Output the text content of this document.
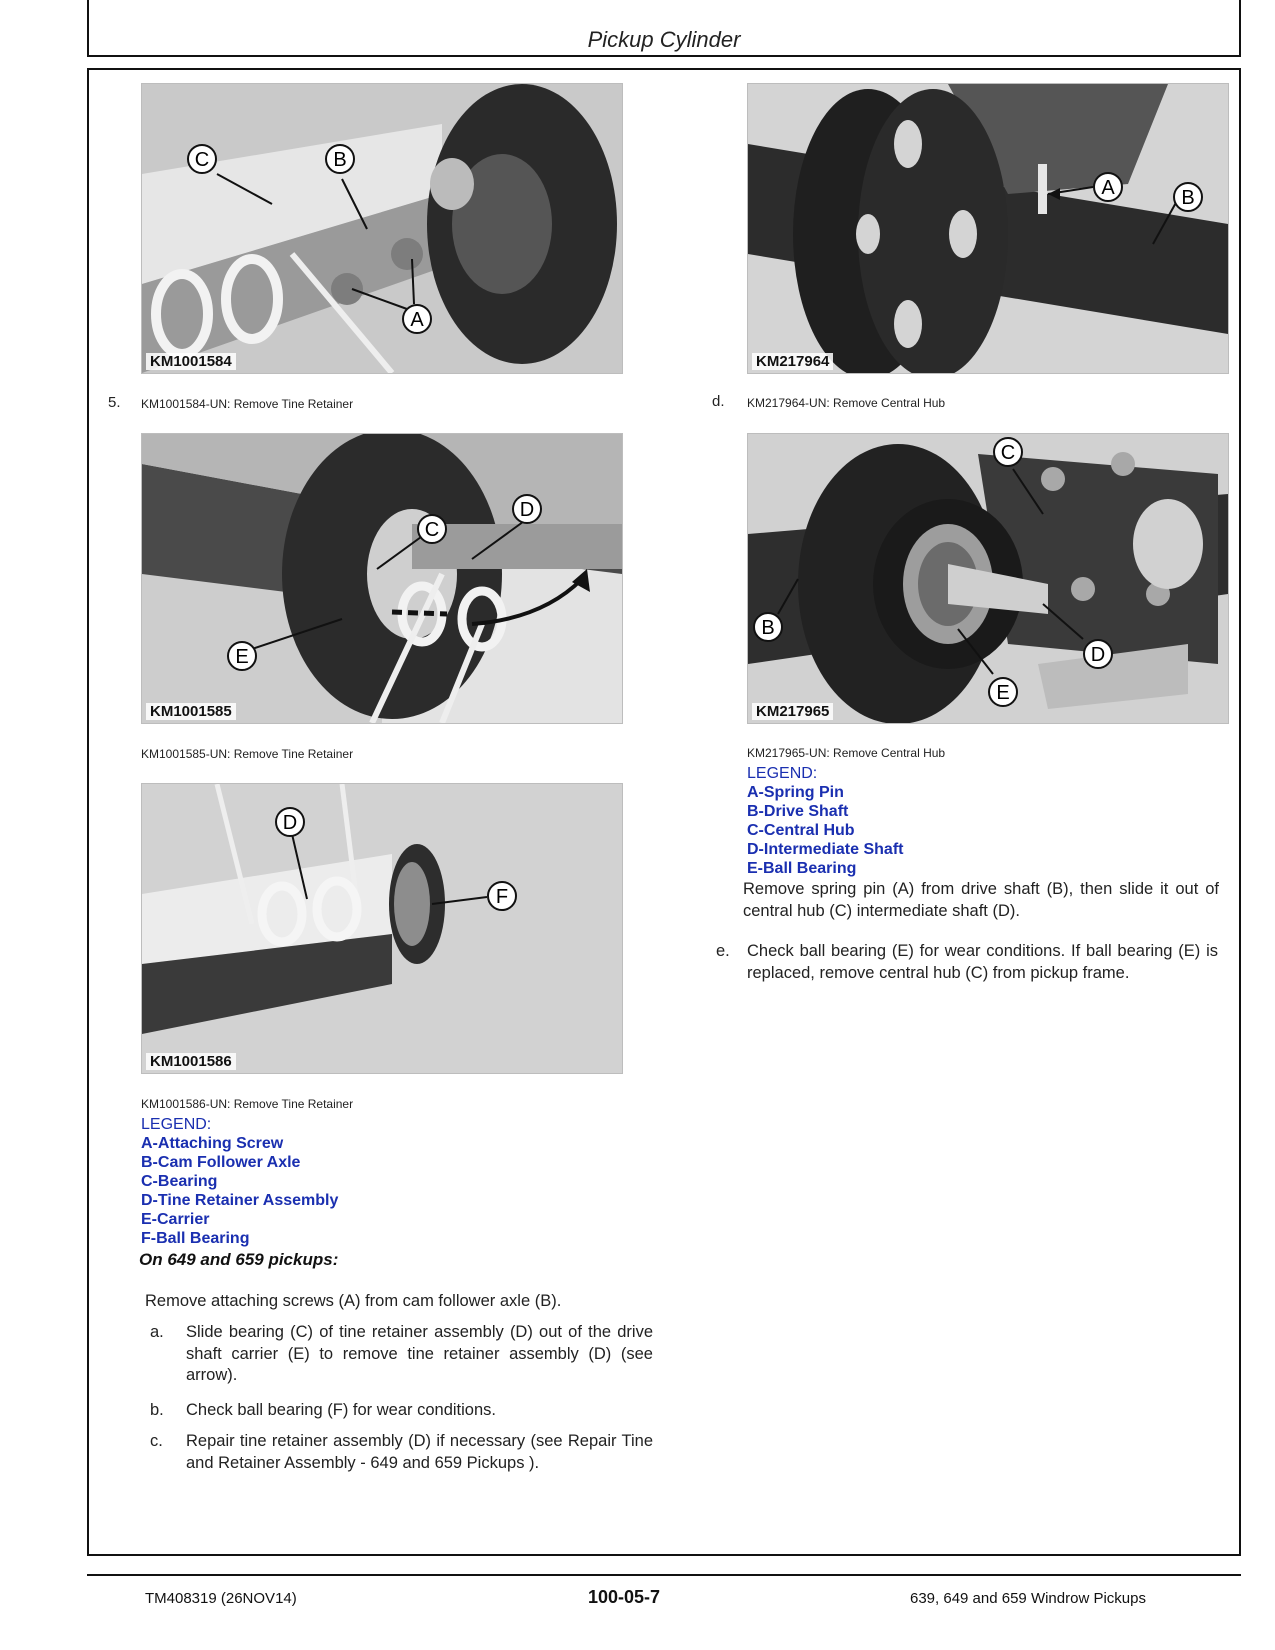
Pickup Cylinder
C	B
A
KM1001584
5. KM1001584-UN: Remove Tine Retainer
C
D
E
KM1001585
KM1001585-UN: Remove Tine Retainer
D
F
KM1001586
KM1001586-UN: Remove Tine Retainer
LEGEND:
A-Attaching Screw
B-Cam Follower Axle
C-Bearing
D-Tine Retainer Assembly
E-Carrier
F-Ball Bearing
On 649 and 659 pickups:
Remove attaching screws (A) from cam follower axle (B).
a. Slide bearing (C) of tine retainer assembly (D) out of the drive shaft carrier (E) to remove tine retainer assembly (D) (see arrow).
b. Check ball bearing (F) for wear conditions.
c. Repair tine retainer assembly (D) if necessary (see Repair Tine and Retainer Assembly - 649 and 659 Pickups ).
A	B
KM217964
d. KM217964-UN: Remove Central Hub
C
B
D
E
KM217965
KM217965-UN: Remove Central Hub
LEGEND:
A-Spring Pin
B-Drive Shaft
C-Central Hub
D-Intermediate Shaft
E-Ball Bearing
Remove spring pin (A) from drive shaft (B), then slide it out of central hub (C) intermediate shaft (D).
e. Check ball bearing (E) for wear conditions. If ball bearing (E) is replaced, remove central hub (C) from pickup frame.
TM408319 (26NOV14)	100-05-7	639, 649 and 659 Windrow Pickups
